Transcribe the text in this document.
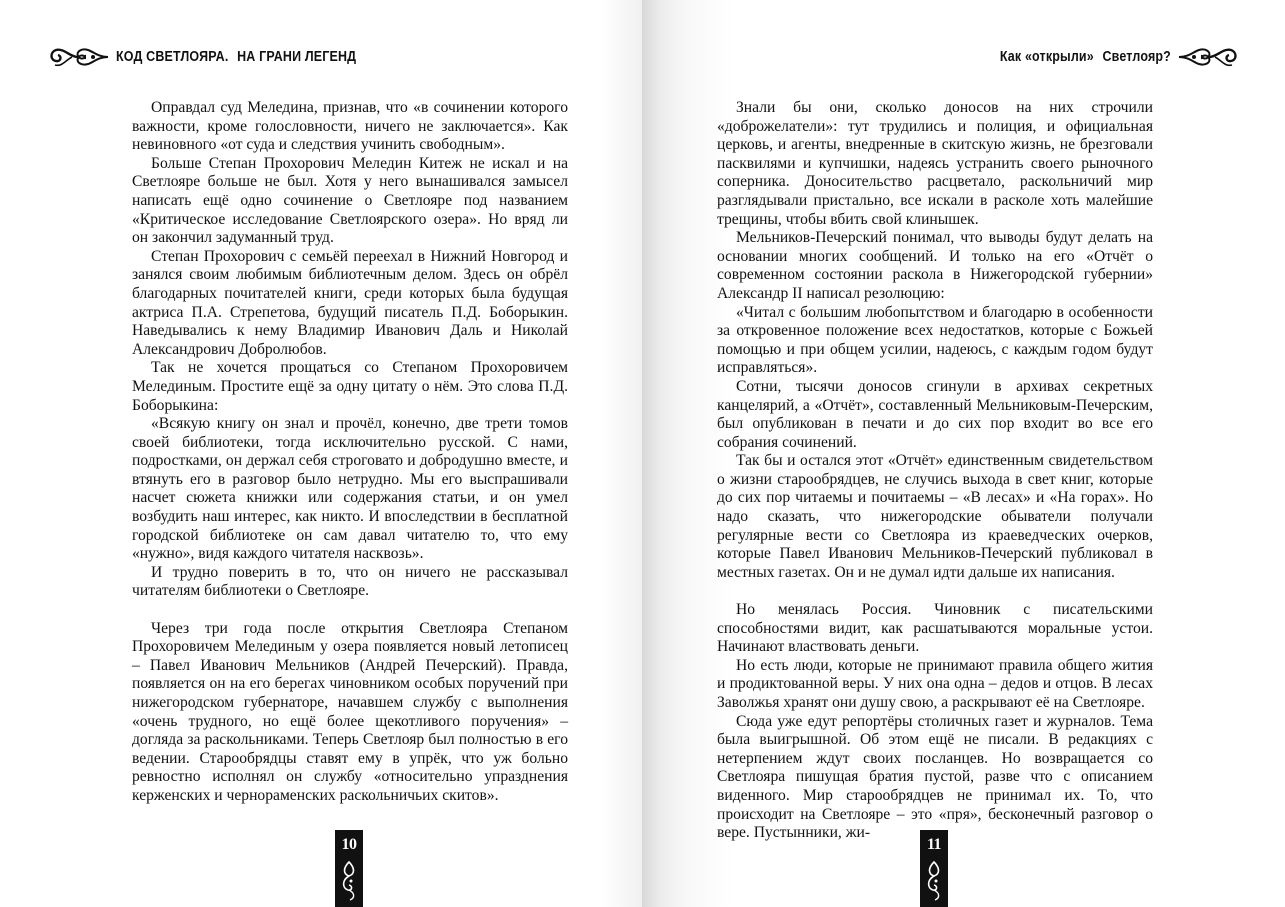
КОД СВЕТЛОЯРА. НА ГРАНИ ЛЕГЕНД

Оправдал суд Мелединa, признав, что «в сочинении которого важности, кроме голословности, ничего не заключается». Как невиновного «от суда и следствия учинить свободным».

Больше Степан Прохорович Меледин Китеж не искал и на Светлояре больше не был. Хотя у него вынашивался замысел написать ещё одно сочинение о Светлояре под названием «Критическое исследование Светлоярского озера». Но вряд ли он закончил задуманный труд.

Степан Прохорович с семьёй переехал в Нижний Новгород и занялся своим любимым библиотечным делом. Здесь он обрёл благодарных почитателей книги, среди которых была будущая актриса П.А. Стрепетова, будущий писатель П.Д. Боборыкин. Наведывались к нему Владимир Иванович Даль и Николай Александрович Добролюбов.

Так не хочется прощаться со Степаном Прохоровичем Мелединым. Простите ещё за одну цитату о нём. Это слова П.Д. Боборыкина:

«Всякую книгу он знал и прочёл, конечно, две трети томов своей библиотеки, тогда исключительно русской. С нами, подростками, он держал себя строговато и добродушно вместе, и втянуть его в разговор было нетрудно. Мы его выспрашивали насчет сюжета книжки или содержания статьи, и он умел возбудить наш интерес, как никто. И впоследствии в бесплатной городской библиотеке он сам давал читателю то, что ему «нужно», видя каждого читателя насквозь».

И трудно поверить в то, что он ничего не рассказывал читателям библиотеки о Светлояре.

Через три года после открытия Светлояра Степаном Прохоровичем Мелединым у озера появляется новый летописец – Павел Иванович Мельников (Андрей Печерский). Правда, появляется он на его берегах чиновником особых поручений при нижегородском губернаторе, начавшем службу с выполнения «очень трудного, но ещё более щекотливого поручения» – догляда за раскольниками. Теперь Светлояр был полностью в его ведении. Старообрядцы ставят ему в упрёк, что уж больно ревностно исполнял он службу «относительно упразднения керженских и чернораменских раскольничьих скитов».

10
Как «открыли» Светлояр?

Знали бы они, сколько доносов на них строчили «доброжелатели»: тут трудились и полиция, и официальная церковь, и агенты, внедренные в скитскую жизнь, не брезговали пасквилями и купчишки, надеясь устранить своего рыночного соперника. Доносительство расцветало, раскольничий мир разглядывали пристально, все искали в расколе хоть малейшие трещины, чтобы вбить свой клинышек.

Мельников-Печерский понимал, что выводы будут делать на основании многих сообщений. И только на его «Отчёт о современном состоянии раскола в Нижегородской губернии» Александр II написал резолюцию:

«Читал с большим любопытством и благодарю в особенности за откровенное положение всех недостатков, которые с Божьей помощью и при общем усилии, надеюсь, с каждым годом будут исправляться».

Сотни, тысячи доносов сгинули в архивах секретных канцелярий, а «Отчёт», составленный Мельниковым-Печерским, был опубликован в печати и до сих пор входит во все его собрания сочинений.

Так бы и остался этот «Отчёт» единственным свидетельством о жизни старообрядцев, не случись выхода в свет книг, которые до сих пор читаемы и почитаемы – «В лесах» и «На горах». Но надо сказать, что нижегородские обыватели получали регулярные вести со Светлояра из краеведческих очерков, которые Павел Иванович Мельников-Печерский публиковал в местных газетах. Он и не думал идти дальше их написания.

Но менялась Россия. Чиновник с писательскими способностями видит, как расшатываются моральные устои. Начинают властвовать деньги.

Но есть люди, которые не принимают правила общего жития и продиктованной веры. У них она одна – дедов и отцов. В лесах Заволжья хранят они душу свою, а раскрывают её на Светлояре.

Сюда уже едут репортёры столичных газет и журналов. Тема была выигрышной. Об этом ещё не писали. В редакциях с нетерпением ждут своих посланцев. Но возвращается со Светлояра пишущая братия пустой, разве что с описанием виденного. Мир старообрядцев не принимал их. То, что происходит на Светлояре – это «пря», бесконечный разговор о вере. Пустынники, жи-

11
